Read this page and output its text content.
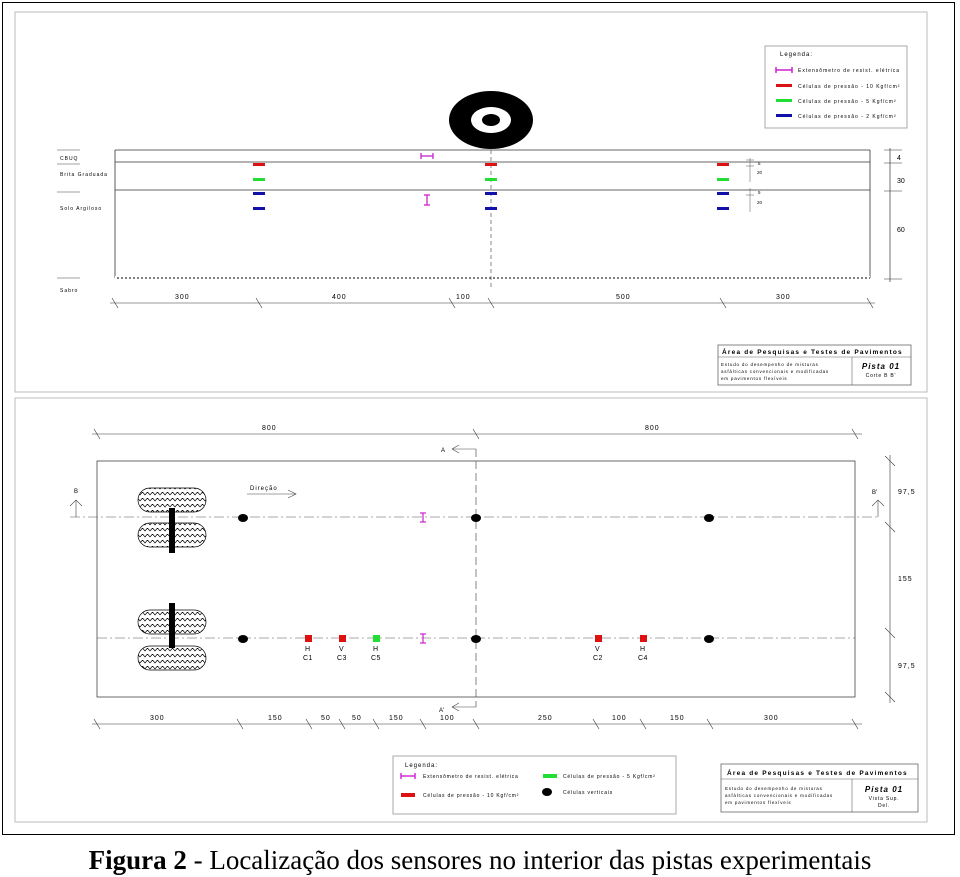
Legenda:
Extensômetro de resist. elétrica
Células de pressão - 10 Kgf/cm²
Células de pressão - 5 Kgf/cm²
Células de pressão - 2 Kgf/cm²
CBUQ
Brita Graduada
Solo Argiloso
Sabro
5
20
5
20
4
30
60
300	400	100	500	300
Área de Pesquisas e Testes de Pavimentos
Estudo do desempenho de misturas
asfálticas convencionais e modificadas
em pavimentos flexíveis
Pista 01
Corte B B'
800	800
A
A'
B	B'
Direção
H
C1
V
C3
H
C5
V
C2
H
C4
97,5
155
97,5
300	150	50	50	150	100	250	100	150	300
Legenda:
Extensômetro de resist. elétrica	Células de pressão - 5 Kgf/cm²
Células de pressão - 10 Kgf/cm²	Células verticais
Área de Pesquisas e Testes de Pavimentos
Estudo do desempenho de misturas
asfálticas convencionais e modificadas
em pavimentos flexíveis
Pista 01
Vista Sup.
Del.
Figura 2 - Localização dos sensores no interior das pistas experimentais
